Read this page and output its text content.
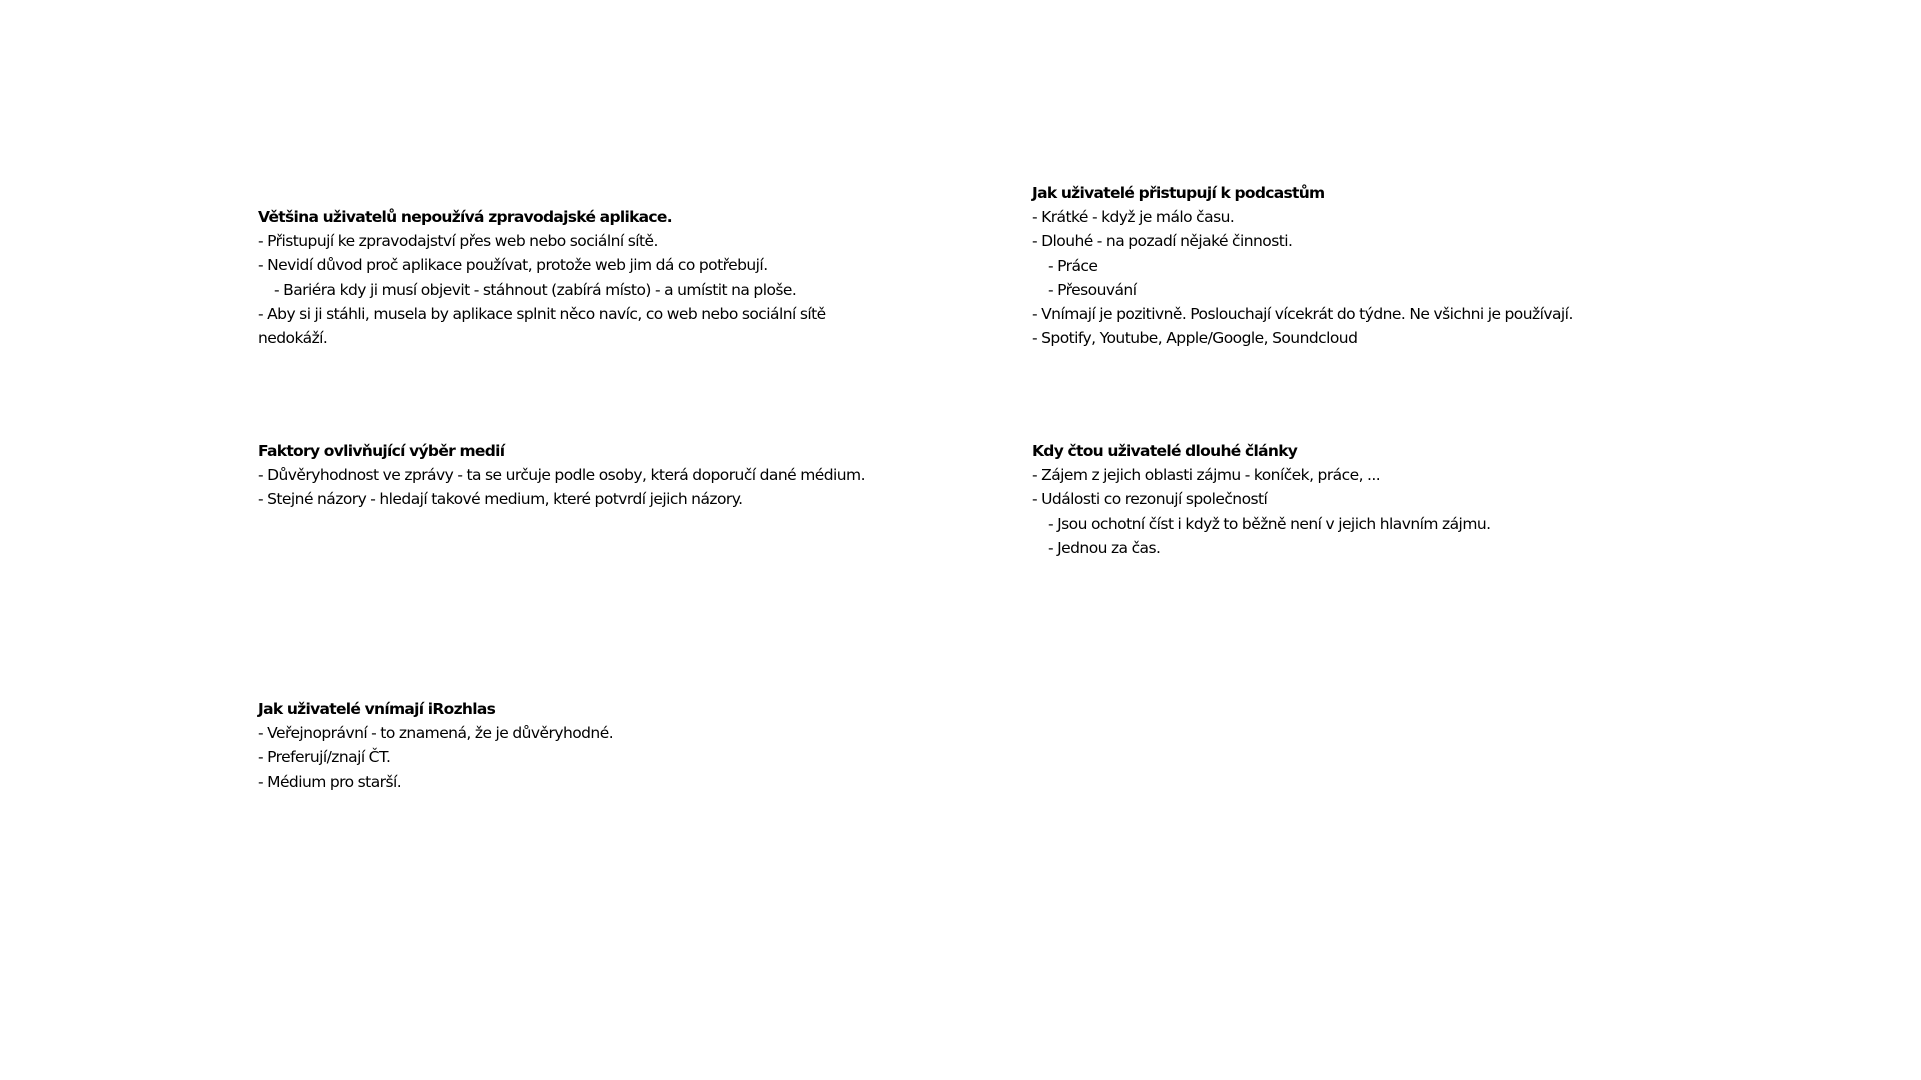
Většina uživatelů nepoužívá zpravodajské aplikace.
- Přistupují ke zpravodajství přes web nebo sociální sítě.
- Nevidí důvod proč aplikace používat, protože web jim dá co potřebují.
- Bariéra kdy ji musí objevit - stáhnout (zabírá místo) - a umístit na ploše.
- Aby si ji stáhli, musela by aplikace splnit něco navíc, co web nebo sociální sítě nedokáží.
Jak uživatelé přistupují k podcastům
- Krátké - když je málo času.
- Dlouhé - na pozadí nějaké činnosti.
- Práce
- Přesouvání
- Vnímají je pozitivně. Poslouchají vícekrát do týdne. Ne všichni je používají.
- Spotify, Youtube, Apple/Google, Soundcloud
Faktory ovlivňující výběr medií
- Důvěryhodnost ve zprávy - ta se určuje podle osoby, která doporučí dané médium.
- Stejné názory - hledají takové medium, které potvrdí jejich názory.
Kdy čtou uživatelé dlouhé články
- Zájem z jejich oblasti zájmu - koníček, práce, ...
- Události co rezonují společností
- Jsou ochotní číst i když to běžně není v jejich hlavním zájmu.
- Jednou za čas.
Jak uživatelé vnímají iRozhlas
- Veřejnoprávní - to znamená, že je důvěryhodné.
- Preferují/znají ČT.
- Médium pro starší.
